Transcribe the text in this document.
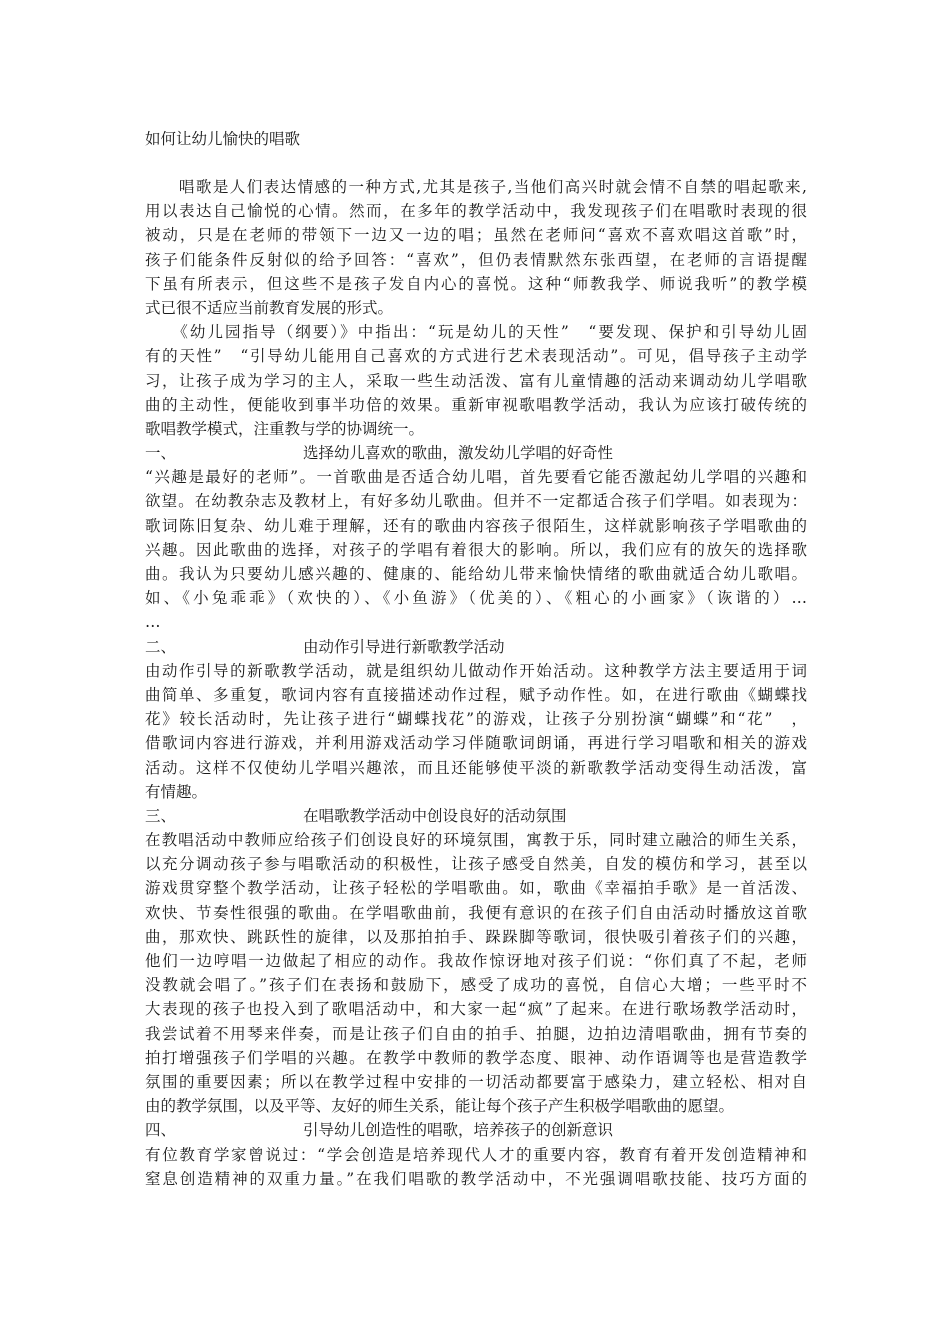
如何让幼儿愉快的唱歌
　　唱歌是人们表达情感的一种方式,尤其是孩子,当他们高兴时就会情不自禁的唱起歌来,
用以表达自己愉悦的心情。然而，在多年的教学活动中，我发现孩子们在唱歌时表现的很
被动，只是在老师的带领下一边又一边的唱；虽然在老师问“喜欢不喜欢唱这首歌”时，
孩子们能条件反射似的给予回答：“喜欢”，但仍表情默然东张西望，在老师的言语提醒
下虽有所表示，但这些不是孩子发自内心的喜悦。这种“师教我学、师说我听”的教学模
式已很不适应当前教育发展的形式。
　　《幼儿园指导（纲要）》中指出：“玩是幼儿的天性”　“要发现、保护和引导幼儿固
有的天性”　“引导幼儿能用自己喜欢的方式进行艺术表现活动”。可见，倡导孩子主动学
习，让孩子成为学习的主人，采取一些生动活泼、富有儿童情趣的活动来调动幼儿学唱歌
曲的主动性，便能收到事半功倍的效果。重新审视歌唱教学活动，我认为应该打破传统的
歌唱教学模式，注重教与学的协调统一。
一、	选择幼儿喜欢的歌曲，激发幼儿学唱的好奇性
“兴趣是最好的老师”。一首歌曲是否适合幼儿唱，首先要看它能否激起幼儿学唱的兴趣和
欲望。在幼教杂志及教材上，有好多幼儿歌曲。但并不一定都适合孩子们学唱。如表现为：
歌词陈旧复杂、幼儿难于理解，还有的歌曲内容孩子很陌生，这样就影响孩子学唱歌曲的
兴趣。因此歌曲的选择，对孩子的学唱有着很大的影响。所以，我们应有的放矢的选择歌
曲。我认为只要幼儿感兴趣的、健康的、能给幼儿带来愉快情绪的歌曲就适合幼儿歌唱。
如、《小兔乖乖》（欢快的）、《小鱼游》（优美的）、《粗心的小画家》（诙谐的）…
…
二、	由动作引导进行新歌教学活动
由动作引导的新歌教学活动，就是组织幼儿做动作开始活动。这种教学方法主要适用于词
曲简单、多重复，歌词内容有直接描述动作过程，赋予动作性。如，在进行歌曲《蝴蝶找
花》较长活动时，先让孩子进行“蝴蝶找花”的游戏，让孩子分别扮演“蝴蝶”和“花”　，
借歌词内容进行游戏，并利用游戏活动学习伴随歌词朗诵，再进行学习唱歌和相关的游戏
活动。这样不仅使幼儿学唱兴趣浓，而且还能够使平淡的新歌教学活动变得生动活泼，富
有情趣。
三、	在唱歌教学活动中创设良好的活动氛围
在教唱活动中教师应给孩子们创设良好的环境氛围，寓教于乐，同时建立融洽的师生关系，
以充分调动孩子参与唱歌活动的积极性，让孩子感受自然美，自发的模仿和学习，甚至以
游戏贯穿整个教学活动，让孩子轻松的学唱歌曲。如，歌曲《幸福拍手歌》是一首活泼、
欢快、节奏性很强的歌曲。在学唱歌曲前，我便有意识的在孩子们自由活动时播放这首歌
曲，那欢快、跳跃性的旋律，以及那拍拍手、跺跺脚等歌词，很快吸引着孩子们的兴趣，
他们一边哼唱一边做起了相应的动作。我故作惊讶地对孩子们说：“你们真了不起，老师
没教就会唱了。”孩子们在表扬和鼓励下，感受了成功的喜悦，自信心大增；一些平时不
大表现的孩子也投入到了歌唱活动中，和大家一起“疯”了起来。在进行歌场教学活动时，
我尝试着不用琴来伴奏，而是让孩子们自由的拍手、拍腿，边拍边清唱歌曲，拥有节奏的
拍打增强孩子们学唱的兴趣。在教学中教师的教学态度、眼神、动作语调等也是营造教学
氛围的重要因素；所以在教学过程中安排的一切活动都要富于感染力，建立轻松、相对自
由的教学氛围，以及平等、友好的师生关系，能让每个孩子产生积极学唱歌曲的愿望。
四、	引导幼儿创造性的唱歌，培养孩子的创新意识
有位教育学家曾说过：“学会创造是培养现代人才的重要内容，教育有着开发创造精神和
窒息创造精神的双重力量。”在我们唱歌的教学活动中，不光强调唱歌技能、技巧方面的
